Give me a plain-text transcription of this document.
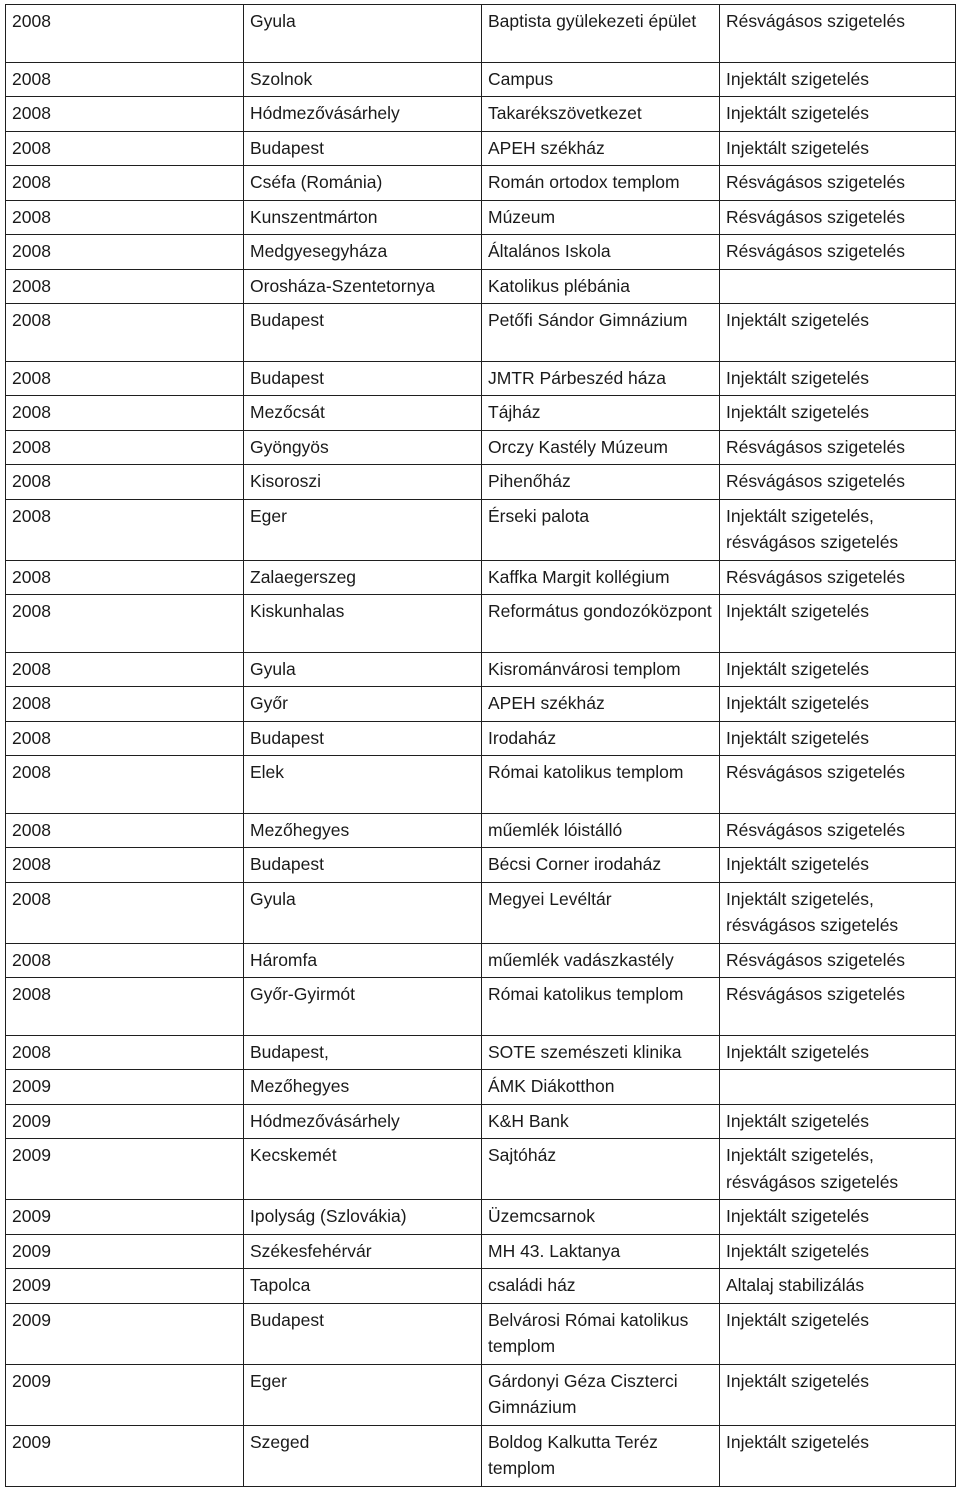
2008	Gyula	Baptista gyülekezeti épület	Résvágásos szigetelés
2008	Szolnok	Campus	Injektált szigetelés
2008	Hódmezővásárhely	Takarékszövetkezet	Injektált szigetelés
2008	Budapest	APEH székház	Injektált szigetelés
2008	Cséfa (Románia)	Román ortodox templom	Résvágásos szigetelés
2008	Kunszentmárton	Múzeum	Résvágásos szigetelés
2008	Medgyesegyháza	Általános Iskola	Résvágásos szigetelés
2008	Orosháza-Szentetornya	Katolikus plébánia	
2008	Budapest	Petőfi Sándor Gimnázium	Injektált szigetelés
2008	Budapest	JMTR Párbeszéd háza	Injektált szigetelés
2008	Mezőcsát	Tájház	Injektált szigetelés
2008	Gyöngyös	Orczy Kastély Múzeum	Résvágásos szigetelés
2008	Kisoroszi	Pihenőház	Résvágásos szigetelés
2008	Eger	Érseki palota	Injektált szigetelés, résvágásos szigetelés
2008	Zalaegerszeg	Kaffka Margit kollégium	Résvágásos szigetelés
2008	Kiskunhalas	Református gondozóközpont	Injektált szigetelés
2008	Gyula	Kisrománvárosi templom	Injektált szigetelés
2008	Győr	APEH székház	Injektált szigetelés
2008	Budapest	Irodaház	Injektált szigetelés
2008	Elek	Római katolikus templom	Résvágásos szigetelés
2008	Mezőhegyes	műemlék lóistálló	Résvágásos szigetelés
2008	Budapest	Bécsi Corner irodaház	Injektált szigetelés
2008	Gyula	Megyei Levéltár	Injektált szigetelés, résvágásos szigetelés
2008	Háromfa	műemlék vadászkastély	Résvágásos szigetelés
2008	Győr-Gyirmót	Római katolikus templom	Résvágásos szigetelés
2008	Budapest,	SOTE szemészeti klinika	Injektált szigetelés
2009	Mezőhegyes	ÁMK Diákotthon	
2009	Hódmezővásárhely	K&H Bank	Injektált szigetelés
2009	Kecskemét	Sajtóház	Injektált szigetelés, résvágásos szigetelés
2009	Ipolyság (Szlovákia)	Üzemcsarnok	Injektált szigetelés
2009	Székesfehérvár	MH 43. Laktanya	Injektált szigetelés
2009	Tapolca	családi ház	Altalaj stabilizálás
2009	Budapest	Belvárosi Római katolikus templom	Injektált szigetelés
2009	Eger	Gárdonyi Géza Ciszterci Gimnázium	Injektált szigetelés
2009	Szeged	Boldog Kalkutta Teréz templom	Injektált szigetelés
